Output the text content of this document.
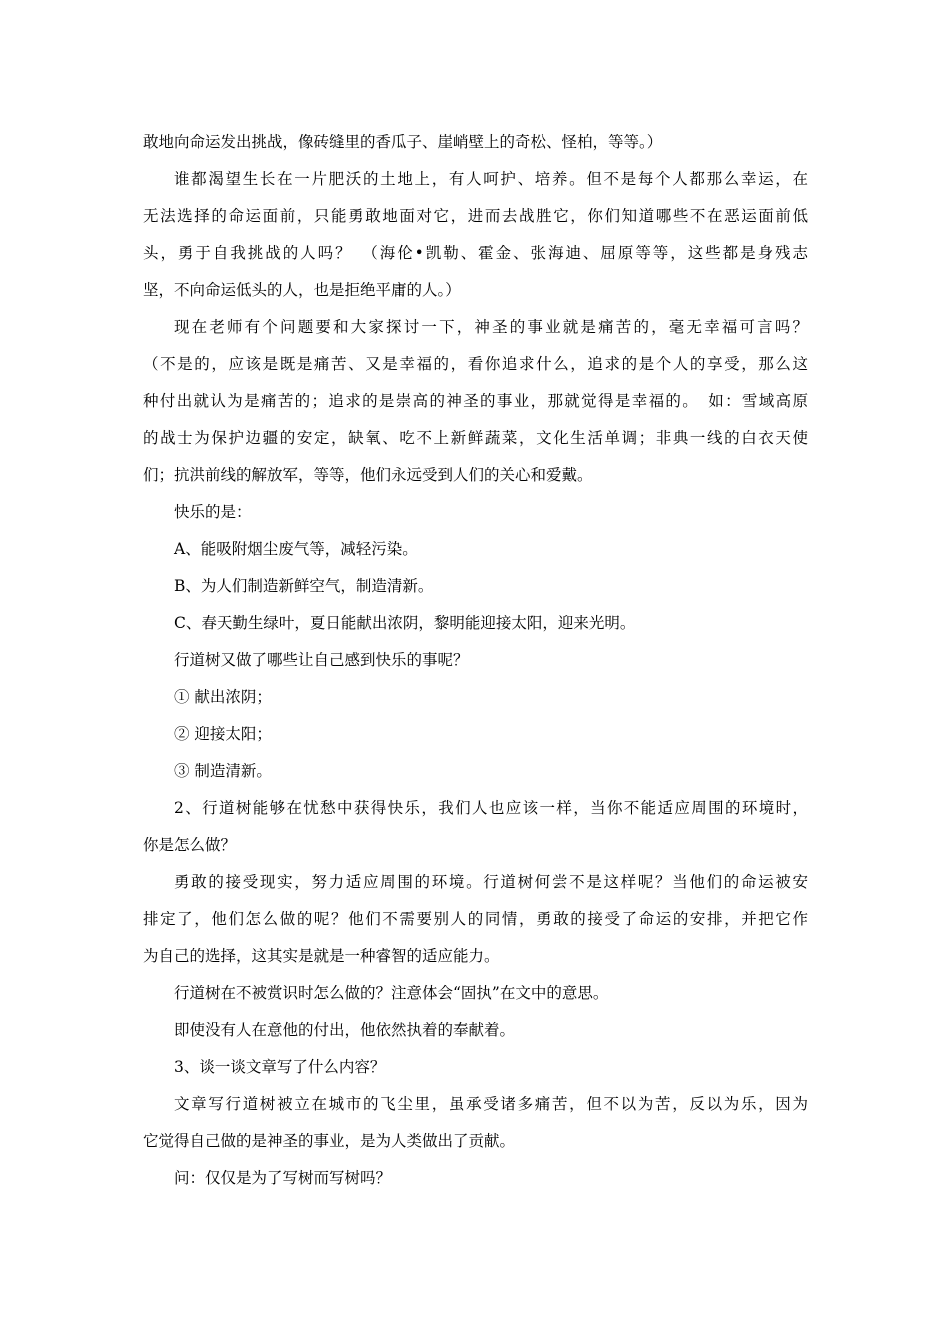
敢地向命运发出挑战，像砖缝里的香瓜子、崖峭壁上的奇松、怪柏，等等。）
谁都渴望生长在一片肥沃的土地上，有人呵护、培养。但不是每个人都那么幸运，在
无法选择的命运面前，只能勇敢地面对它，进而去战胜它，你们知道哪些不在恶运面前低
头，勇于自我挑战的人吗？　（海伦•凯勒、霍金、张海迪、屈原等等，这些都是身残志
坚，不向命运低头的人，也是拒绝平庸的人。）
现在老师有个问题要和大家探讨一下，神圣的事业就是痛苦的，毫无幸福可言吗？
（不是的，应该是既是痛苦、又是幸福的，看你追求什么，追求的是个人的享受，那么这
种付出就认为是痛苦的；追求的是崇高的神圣的事业，那就觉得是幸福的。　如：雪域高原
的战士为保护边疆的安定，缺氧、吃不上新鲜蔬菜，文化生活单调；非典一线的白衣天使
们；抗洪前线的解放军，等等，他们永远受到人们的关心和爱戴。
快乐的是：
A、能吸附烟尘废气等，减轻污染。
B、为人们制造新鲜空气，制造清新。
C、春天勤生绿叶，夏日能献出浓阴，黎明能迎接太阳，迎来光明。
行道树又做了哪些让自己感到快乐的事呢？
① 献出浓阴；
② 迎接太阳；
③ 制造清新。
2、行道树能够在忧愁中获得快乐，我们人也应该一样，当你不能适应周围的环境时，
你是怎么做？
勇敢的接受现实，努力适应周围的环境。行道树何尝不是这样呢？当他们的命运被安
排定了，他们怎么做的呢？他们不需要别人的同情，勇敢的接受了命运的安排，并把它作
为自己的选择，这其实是就是一种睿智的适应能力。
行道树在不被赏识时怎么做的？注意体会“固执”在文中的意思。
即使没有人在意他的付出，他依然执着的奉献着。
3、谈一谈文章写了什么内容？
文章写行道树被立在城市的飞尘里，虽承受诸多痛苦，但不以为苦，反以为乐，因为
它觉得自己做的是神圣的事业，是为人类做出了贡献。
问：仅仅是为了写树而写树吗？
